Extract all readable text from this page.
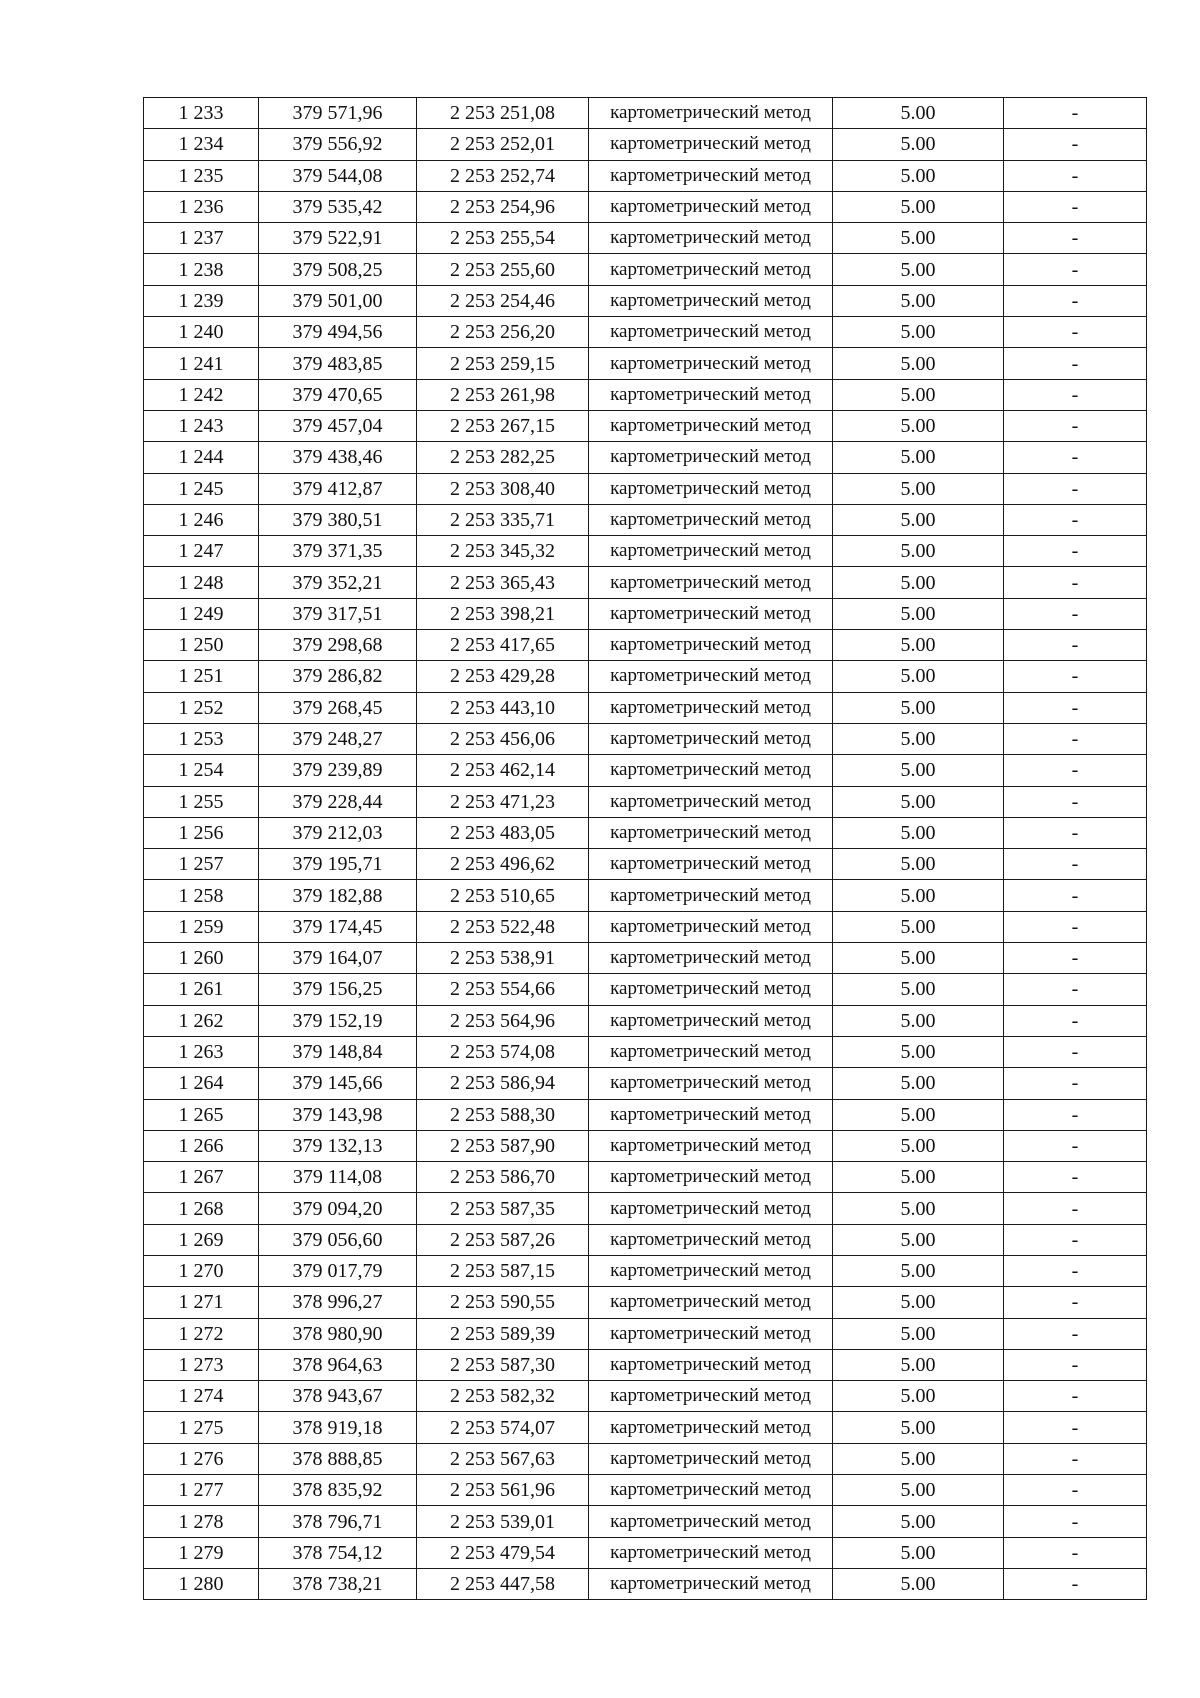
1 233	379 571,96	2 253 251,08	картометрический метод	5.00	-
1 234	379 556,92	2 253 252,01	картометрический метод	5.00	-
1 235	379 544,08	2 253 252,74	картометрический метод	5.00	-
1 236	379 535,42	2 253 254,96	картометрический метод	5.00	-
1 237	379 522,91	2 253 255,54	картометрический метод	5.00	-
1 238	379 508,25	2 253 255,60	картометрический метод	5.00	-
1 239	379 501,00	2 253 254,46	картометрический метод	5.00	-
1 240	379 494,56	2 253 256,20	картометрический метод	5.00	-
1 241	379 483,85	2 253 259,15	картометрический метод	5.00	-
1 242	379 470,65	2 253 261,98	картометрический метод	5.00	-
1 243	379 457,04	2 253 267,15	картометрический метод	5.00	-
1 244	379 438,46	2 253 282,25	картометрический метод	5.00	-
1 245	379 412,87	2 253 308,40	картометрический метод	5.00	-
1 246	379 380,51	2 253 335,71	картометрический метод	5.00	-
1 247	379 371,35	2 253 345,32	картометрический метод	5.00	-
1 248	379 352,21	2 253 365,43	картометрический метод	5.00	-
1 249	379 317,51	2 253 398,21	картометрический метод	5.00	-
1 250	379 298,68	2 253 417,65	картометрический метод	5.00	-
1 251	379 286,82	2 253 429,28	картометрический метод	5.00	-
1 252	379 268,45	2 253 443,10	картометрический метод	5.00	-
1 253	379 248,27	2 253 456,06	картометрический метод	5.00	-
1 254	379 239,89	2 253 462,14	картометрический метод	5.00	-
1 255	379 228,44	2 253 471,23	картометрический метод	5.00	-
1 256	379 212,03	2 253 483,05	картометрический метод	5.00	-
1 257	379 195,71	2 253 496,62	картометрический метод	5.00	-
1 258	379 182,88	2 253 510,65	картометрический метод	5.00	-
1 259	379 174,45	2 253 522,48	картометрический метод	5.00	-
1 260	379 164,07	2 253 538,91	картометрический метод	5.00	-
1 261	379 156,25	2 253 554,66	картометрический метод	5.00	-
1 262	379 152,19	2 253 564,96	картометрический метод	5.00	-
1 263	379 148,84	2 253 574,08	картометрический метод	5.00	-
1 264	379 145,66	2 253 586,94	картометрический метод	5.00	-
1 265	379 143,98	2 253 588,30	картометрический метод	5.00	-
1 266	379 132,13	2 253 587,90	картометрический метод	5.00	-
1 267	379 114,08	2 253 586,70	картометрический метод	5.00	-
1 268	379 094,20	2 253 587,35	картометрический метод	5.00	-
1 269	379 056,60	2 253 587,26	картометрический метод	5.00	-
1 270	379 017,79	2 253 587,15	картометрический метод	5.00	-
1 271	378 996,27	2 253 590,55	картометрический метод	5.00	-
1 272	378 980,90	2 253 589,39	картометрический метод	5.00	-
1 273	378 964,63	2 253 587,30	картометрический метод	5.00	-
1 274	378 943,67	2 253 582,32	картометрический метод	5.00	-
1 275	378 919,18	2 253 574,07	картометрический метод	5.00	-
1 276	378 888,85	2 253 567,63	картометрический метод	5.00	-
1 277	378 835,92	2 253 561,96	картометрический метод	5.00	-
1 278	378 796,71	2 253 539,01	картометрический метод	5.00	-
1 279	378 754,12	2 253 479,54	картометрический метод	5.00	-
1 280	378 738,21	2 253 447,58	картометрический метод	5.00	-
